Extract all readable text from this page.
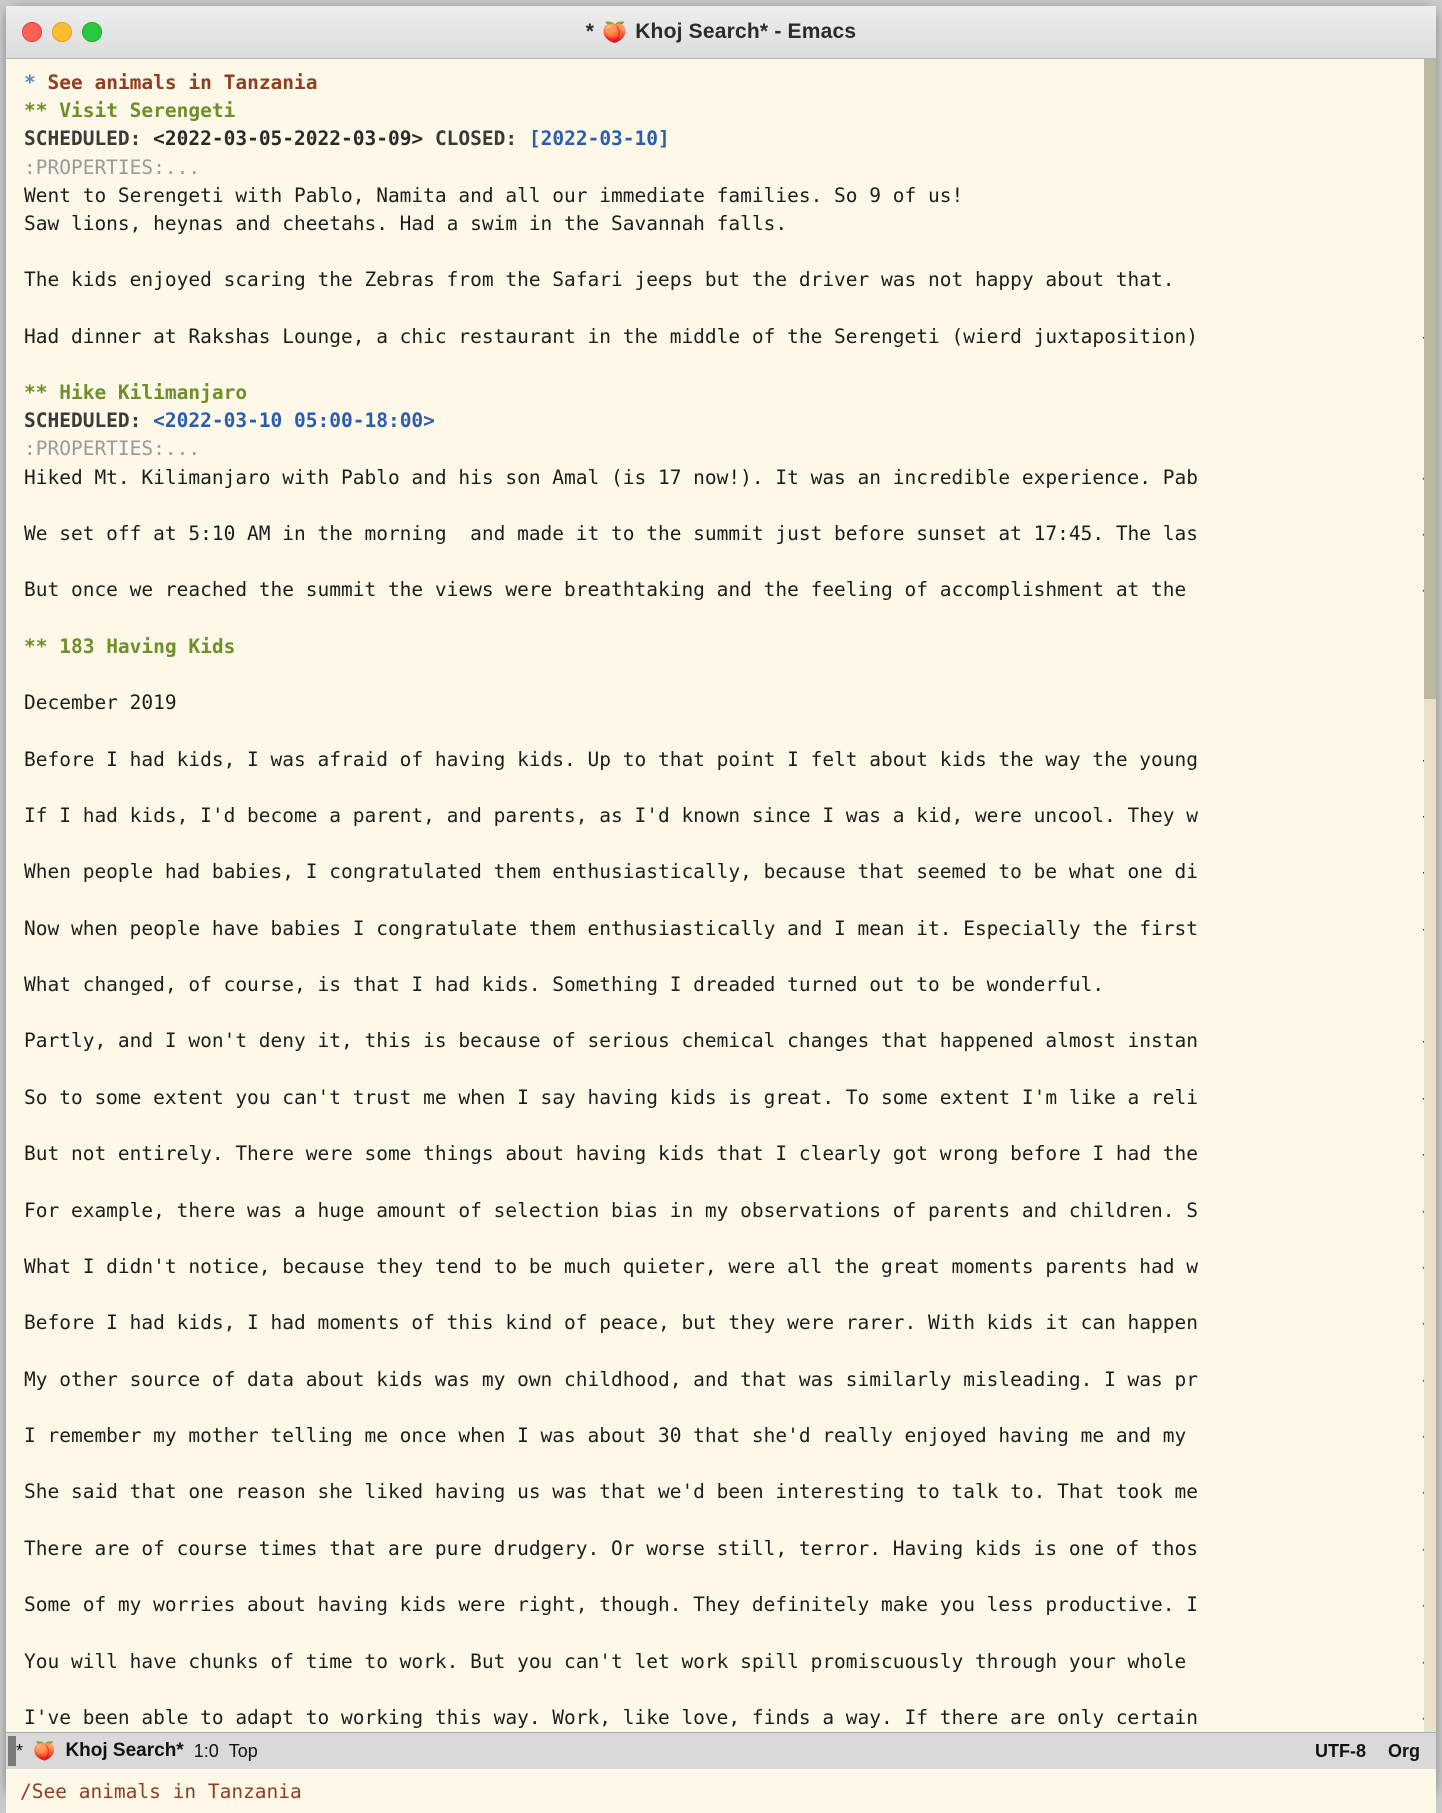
* 🍑 Khoj Search* - Emacs
* See animals in Tanzania
** Visit Serengeti
SCHEDULED: <2022-03-05-2022-03-09> CLOSED: [2022-03-10]
:PROPERTIES:...
Went to Serengeti with Pablo, Namita and all our immediate families. So 9 of us!
Saw lions, heynas and cheetahs. Had a swim in the Savannah falls.
The kids enjoyed scaring the Zebras from the Safari jeeps but the driver was not happy about that.
Had dinner at Rakshas Lounge, a chic restaurant in the middle of the Serengeti (wierd juxtaposition)
** Hike Kilimanjaro
SCHEDULED: <2022-03-10 05:00-18:00>
:PROPERTIES:...
Hiked Mt. Kilimanjaro with Pablo and his son Amal (is 17 now!). It was an incredible experience. Pab
We set off at 5:10 AM in the morning  and made it to the summit just before sunset at 17:45. The las
But once we reached the summit the views were breathtaking and the feeling of accomplishment at the
** 183 Having Kids
December 2019
Before I had kids, I was afraid of having kids. Up to that point I felt about kids the way the young
If I had kids, I'd become a parent, and parents, as I'd known since I was a kid, were uncool. They w
When people had babies, I congratulated them enthusiastically, because that seemed to be what one di
Now when people have babies I congratulate them enthusiastically and I mean it. Especially the first
What changed, of course, is that I had kids. Something I dreaded turned out to be wonderful.
Partly, and I won't deny it, this is because of serious chemical changes that happened almost instan
So to some extent you can't trust me when I say having kids is great. To some extent I'm like a reli
But not entirely. There were some things about having kids that I clearly got wrong before I had the
For example, there was a huge amount of selection bias in my observations of parents and children. S
What I didn't notice, because they tend to be much quieter, were all the great moments parents had w
Before I had kids, I had moments of this kind of peace, but they were rarer. With kids it can happen
My other source of data about kids was my own childhood, and that was similarly misleading. I was pr
I remember my mother telling me once when I was about 30 that she'd really enjoyed having me and my
She said that one reason she liked having us was that we'd been interesting to talk to. That took me
There are of course times that are pure drudgery. Or worse still, terror. Having kids is one of thos
Some of my worries about having kids were right, though. They definitely make you less productive. I
You will have chunks of time to work. But you can't let work spill promiscuously through your whole
I've been able to adapt to working this way. Work, like love, finds a way. If there are only certain
* 🍑 Khoj Search* 1:0 Top	UTF-8 Org
/See animals in Tanzania
